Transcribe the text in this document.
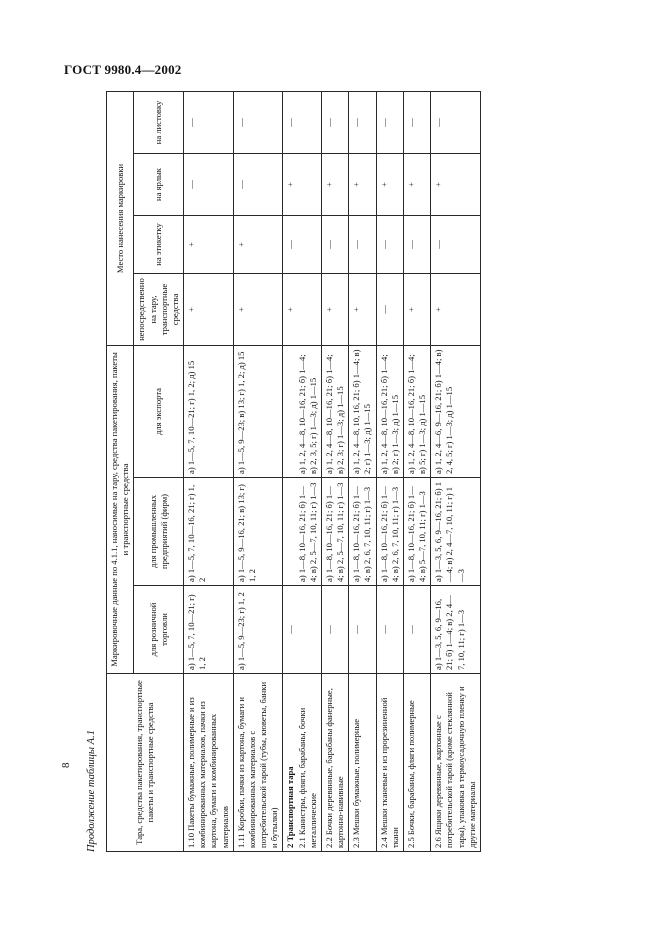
ГОСТ 9980.4—2002
8 Продолжение таблицы А.1	Тара, средства пакетирования, транспортные пакеты и транспортные средства	Маркировочные данные по 4.1.1, наносимые на тару, средства пакетирования, пакеты и транспортные средства			Место нанесения маркировки			
	для розничной торговли	для промышленных предприятий (фирм)	для экспорта	непосредственно на тару, транспортные средства	на этикетку	на ярлык	на листовку
1.10 Пакеты бумажные, полимерные и из комбинированных материалов, пачки из картона, бумаги и комбинированных материалов	а) 1—5, 7, 10—21; г) 1, 2	а) 1—5, 7, 10—16, 21; г) 1, 2	а) 1—5, 7, 10—21; г) 1, 2; д) 15	+	+	—	—
1.11 Коробки, пачки из картона, бумаги и комбинированных материалов с потребительской тарой (тубы, кюветы, банки и бутылки)	а) 1—5, 9—23; г) 1, 2	а) 1—5, 9—16, 21; в) 13; г) 1, 2	а) 1—5, 9—23; в) 13; г) 1, 2; д) 15	+	+	—	—

2 Транспортная тара 2.1 Канистры, фляги, барабаны, бочки металлические	—	а) 1—8, 10—16, 21; б) 1—4; в) 2, 5—7, 10, 11; г) 1—3	а) 1, 2, 4—8, 10—16, 21; б) 1—4; в) 2, 3, 5; г) 1—3; д) 1—15	+	—	+	—
2.2 Бочки деревянные, барабаны фанерные, картонно-навивные	—	а) 1—8, 10—16, 21; б) 1—4; в) 2, 5—7, 10, 11; г) 1—3	а) 1, 2, 4—8, 10—16, 21; б) 1—4; в) 2, 3; г) 1—3; д) 1—15	+	—	+	—
2.3 Мешки бумажные, полимерные	—	а) 1—8, 10—16, 21; б) 1—4; в) 2, 6, 7, 10, 11; г) 1—3	а) 1, 2, 4—8, 10, 16, 21; б) 1—4; в) 2; г) 1—3; д) 1—15	+	—	+	—
2.4 Мешки тканевые и из прорезиненной ткани	—	а) 1—8, 10—16, 21; б) 1—4; в) 2, 6, 7, 10, 11; г) 1—3	а) 1, 2, 4—8, 10—16, 21; б) 1—4; в) 2; г) 1—3; д) 1—15	—	—	+	—
2.5 Бочки, барабаны, фляги полимерные	—	а) 1—8, 10—16, 21; б) 1—4; в) 5—7, 10, 11; г) 1—3	а) 1, 2, 4—8, 10—16, 21; б) 1—4; в) 5; г) 1—3; д) 1—15	+	—	+	—
2.6 Ящики деревянные, картонные с потребительской тарой (кроме стеклянной тары), упаковка в термоусадочную пленку и другие материалы	а) 1—3, 5, 6, 9—16, 21; б) 1—4; в) 2, 4—7, 10, 11; г) 1—3	а) 1—3, 5, 6, 9—16, 21; б) 1—4; в) 2, 4—7, 10, 11; г) 1—3	а) 1, 2, 4—6, 9—16, 21; б) 1—4; в) 2, 4, 5; г) 1—3; д) 1—15	+	—	+	—
